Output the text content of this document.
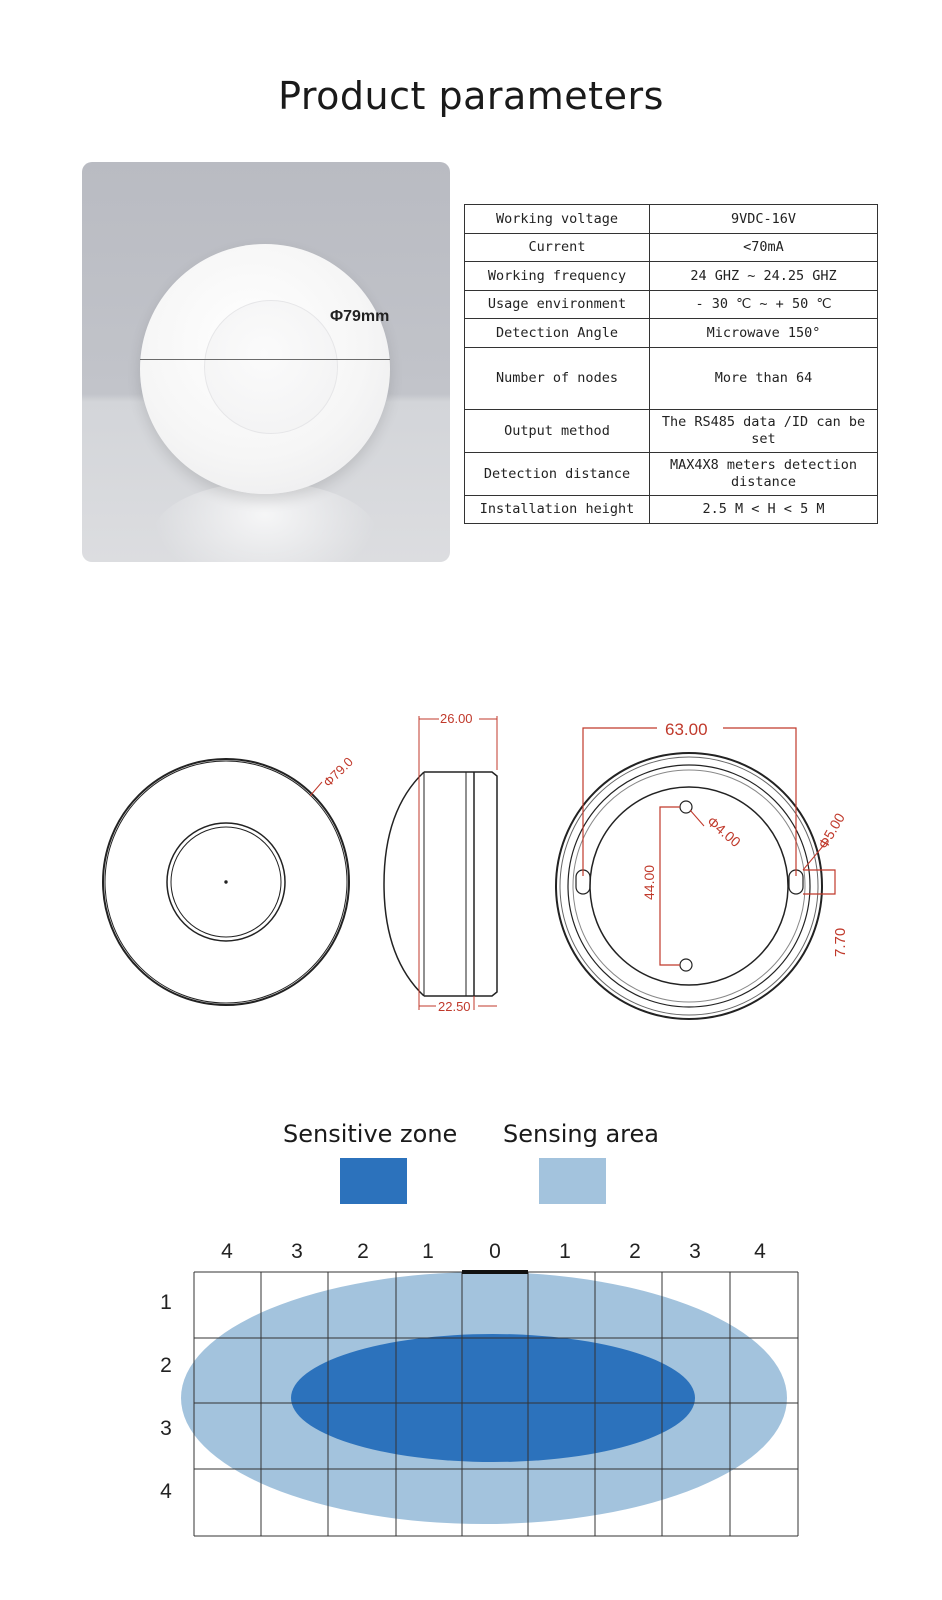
Product parameters
Φ79mm
Working voltage	9VDC-16V
Current	<70mA
Working frequency	24 GHZ ~ 24.25 GHZ
Usage environment	- 30 ℃ ~ + 50 ℃
Detection Angle	Microwave 150°
Number of nodes	More than 64
Output method	The RS485 data /ID can be set
Detection distance	MAX4X8 meters detection distance
Installation height	2.5 M < H < 5 M
Φ79.0
26.00
22.50
63.00
44.00
Φ4.00	Φ5.00
7.70
Sensitive zone Sensing area
4	3	2	1	0	1	2 3	4
1
2
3
4
